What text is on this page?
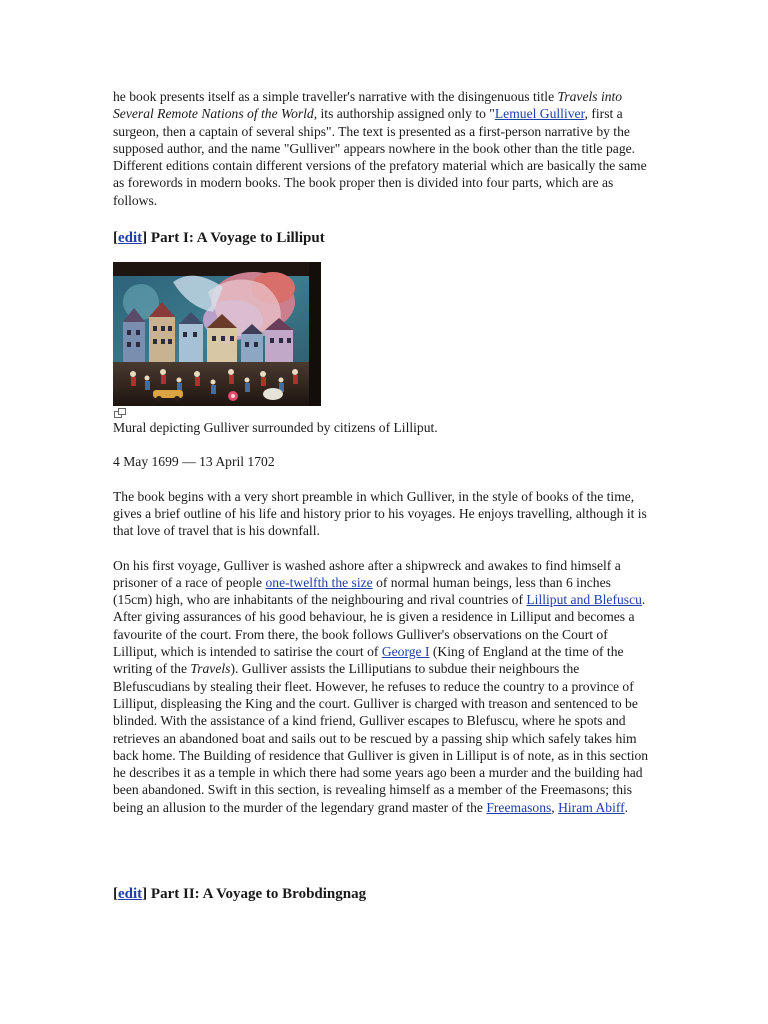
he book presents itself as a simple traveller's narrative with the disingenuous title Travels into Several Remote Nations of the World, its authorship assigned only to "Lemuel Gulliver, first a surgeon, then a captain of several ships". The text is presented as a first-person narrative by the supposed author, and the name "Gulliver" appears nowhere in the book other than the title page. Different editions contain different versions of the prefatory material which are basically the same as forewords in modern books. The book proper then is divided into four parts, which are as follows.

[edit] Part I: A Voyage to Lilliput

Mural depicting Gulliver surrounded by citizens of Lilliput.

4 May 1699 — 13 April 1702

The book begins with a very short preamble in which Gulliver, in the style of books of the time, gives a brief outline of his life and history prior to his voyages. He enjoys travelling, although it is that love of travel that is his downfall.

On his first voyage, Gulliver is washed ashore after a shipwreck and awakes to find himself a prisoner of a race of people one-twelfth the size of normal human beings, less than 6 inches (15cm) high, who are inhabitants of the neighbouring and rival countries of Lilliput and Blefuscu. After giving assurances of his good behaviour, he is given a residence in Lilliput and becomes a favourite of the court. From there, the book follows Gulliver's observations on the Court of Lilliput, which is intended to satirise the court of George I (King of England at the time of the writing of the Travels). Gulliver assists the Lilliputians to subdue their neighbours the Blefuscudians by stealing their fleet. However, he refuses to reduce the country to a province of Lilliput, displeasing the King and the court. Gulliver is charged with treason and sentenced to be blinded. With the assistance of a kind friend, Gulliver escapes to Blefuscu, where he spots and retrieves an abandoned boat and sails out to be rescued by a passing ship which safely takes him back home. The Building of residence that Gulliver is given in Lilliput is of note, as in this section he describes it as a temple in which there had some years ago been a murder and the building had been abandoned. Swift in this section, is revealing himself as a member of the Freemasons; this being an allusion to the murder of the legendary grand master of the Freemasons, Hiram Abiff.

[edit] Part II: A Voyage to Brobdingnag
